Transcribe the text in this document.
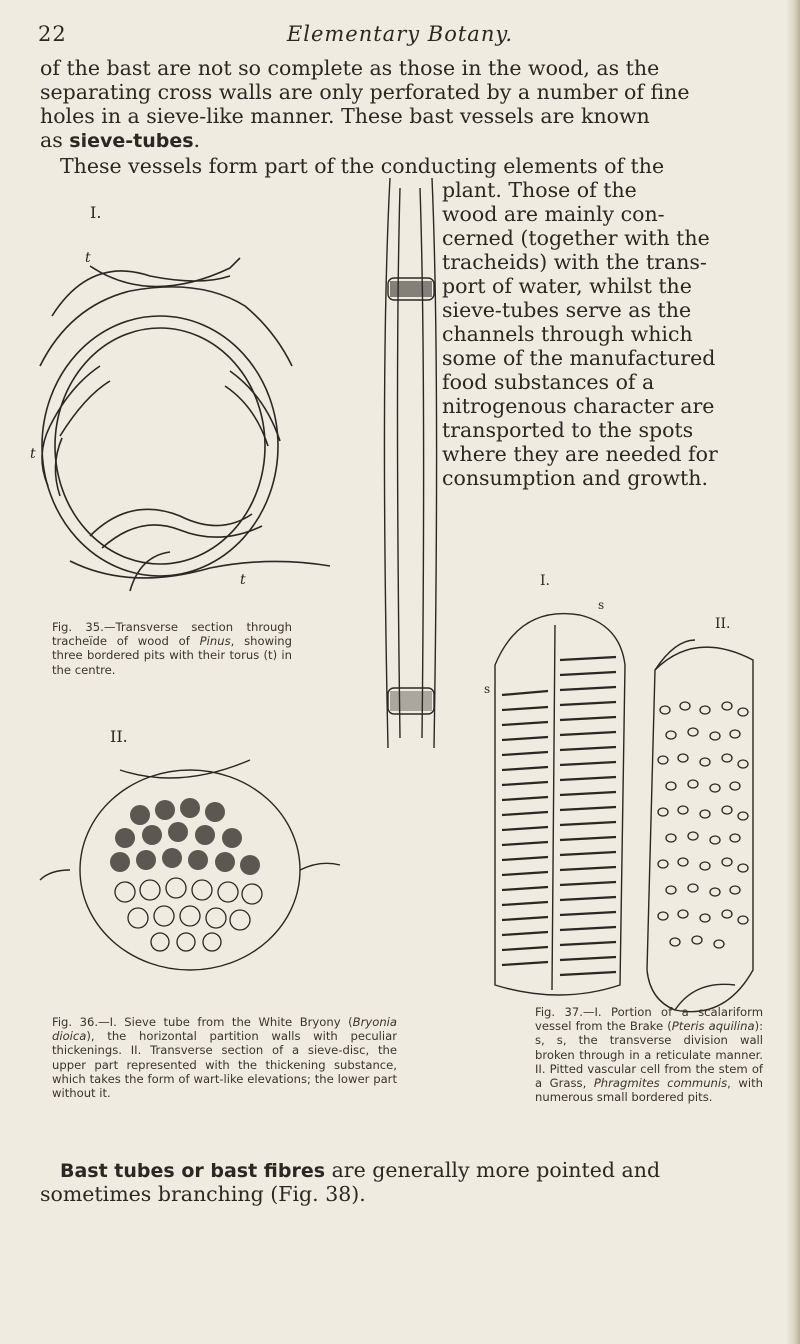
22	Elementary Botany.
of the bast are not so complete as those in the wood, as the
separating cross walls are only perforated by a number of fine
holes in a sieve-like manner. These bast vessels are known
as sieve-tubes.
These vessels form part of the conducting elements of the
plant. Those of the
wood are mainly con-
cerned (together with the
tracheids) with the trans-
port of water, whilst the
sieve-tubes serve as the
channels through which
some of the manufactured
food substances of a
nitrogenous character are
transported to the spots
where they are needed for
consumption and growth.
I.
t
t
t
Fig. 35.—Transverse section through tracheïde of wood of Pinus, showing three bordered pits with their torus (t) in the centre.
II.
Fig. 36.—I. Sieve tube from the White Bryony (Bryonia dioica), the horizontal partition walls with peculiar thickenings. II. Transverse section of a sieve-disc, the upper part represented with the thickening substance, which takes the form of wart-like elevations; the lower part without it.
I.
s
s
II.
Fig. 37.—I. Portion of a scalariform vessel from the Brake (Pteris aquilina): s, s, the transverse division wall broken through in a reticulate manner. II. Pitted vascular cell from the stem of a Grass, Phragmites communis, with numerous small bordered pits.
Bast tubes or bast fibres are generally more pointed and
sometimes branching (Fig. 38).
